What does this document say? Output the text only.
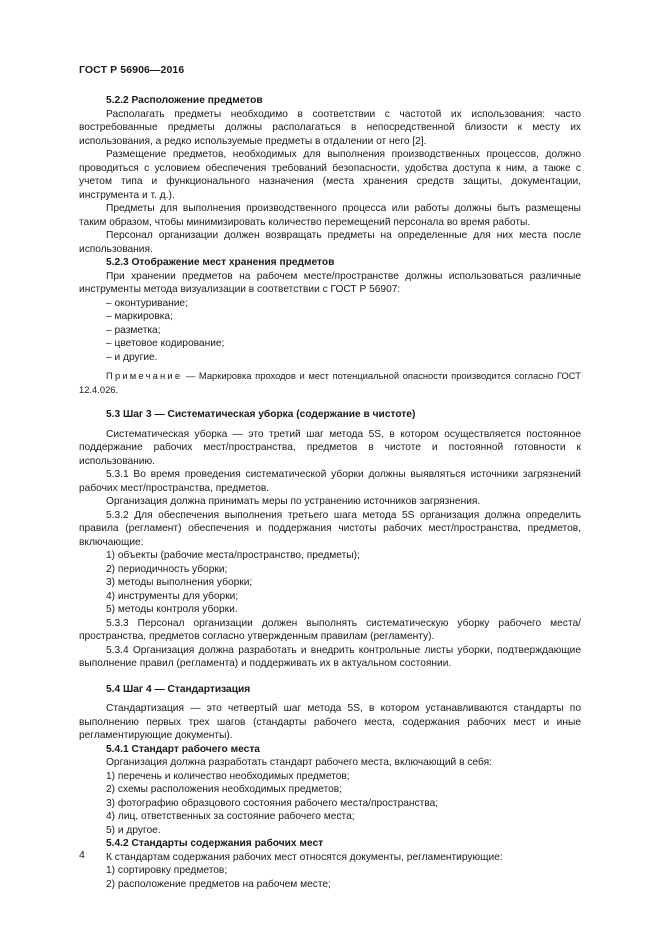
ГОСТ Р 56906—2016

5.2.2 Расположение предметов

Располагать предметы необходимо в соответствии с частотой их использования: часто востребованные предметы должны располагаться в непосредственной близости к месту их использования, а редко используемые предметы в отдалении от него [2].

Размещение предметов, необходимых для выполнения производственных процессов, должно проводиться с условием обеспечения требований безопасности, удобства доступа к ним, а также с учетом типа и функционального назначения (места хранения средств защиты, документации, инструмента и т. д.).

Предметы для выполнения производственного процесса или работы должны быть размещены таким образом, чтобы минимизировать количество перемещений персонала во время работы.

Персонал организации должен возвращать предметы на определенные для них места после использования.

5.2.3 Отображение мест хранения предметов

При хранении предметов на рабочем месте/пространстве должны использоваться различные инструменты метода визуализации в соответствии с ГОСТ Р 56907:

– оконтуривание;

– маркировка;

– разметка;

– цветовое кодирование;

– и другие.

Примечание — Маркировка проходов и мест потенциальной опасности производится согласно ГОСТ 12.4.026.

5.3 Шаг 3 — Систематическая уборка (содержание в чистоте)

Систематическая уборка — это третий шаг метода 5S, в котором осуществляется постоянное поддержание рабочих мест/пространства, предметов в чистоте и постоянной готовности к использованию.

5.3.1 Во время проведения систематической уборки должны выявляться источники загрязнений рабочих мест/пространства, предметов.

Организация должна принимать меры по устранению источников загрязнения.

5.3.2 Для обеспечения выполнения третьего шага метода 5S организация должна определить правила (регламент) обеспечения и поддержания чистоты рабочих мест/пространства, предметов, включающие:

1) объекты (рабочие места/пространство, предметы);

2) периодичность уборки;

3) методы выполнения уборки;

4) инструменты для уборки;

5) методы контроля уборки.

5.3.3 Персонал организации должен выполнять систематическую уборку рабочего места/пространства, предметов согласно утвержденным правилам (регламенту).

5.3.4 Организация должна разработать и внедрить контрольные листы уборки, подтверждающие выполнение правил (регламента) и поддерживать их в актуальном состоянии.

5.4 Шаг 4 — Стандартизация

Стандартизация — это четвертый шаг метода 5S, в котором устанавливаются стандарты по выполнению первых трех шагов (стандарты рабочего места, содержания рабочих мест и иные регламентирующие документы).

5.4.1 Стандарт рабочего места

Организация должна разработать стандарт рабочего места, включающий в себя:

1) перечень и количество необходимых предметов;

2) схемы расположения необходимых предметов;

3) фотографию образцового состояния рабочего места/пространства;

4) лиц, ответственных за состояние рабочего места;

5) и другое.

5.4.2 Стандарты содержания рабочих мест

К стандартам содержания рабочих мест относятся документы, регламентирующие:

1) сортировку предметов;

2) расположение предметов на рабочем месте;

4
